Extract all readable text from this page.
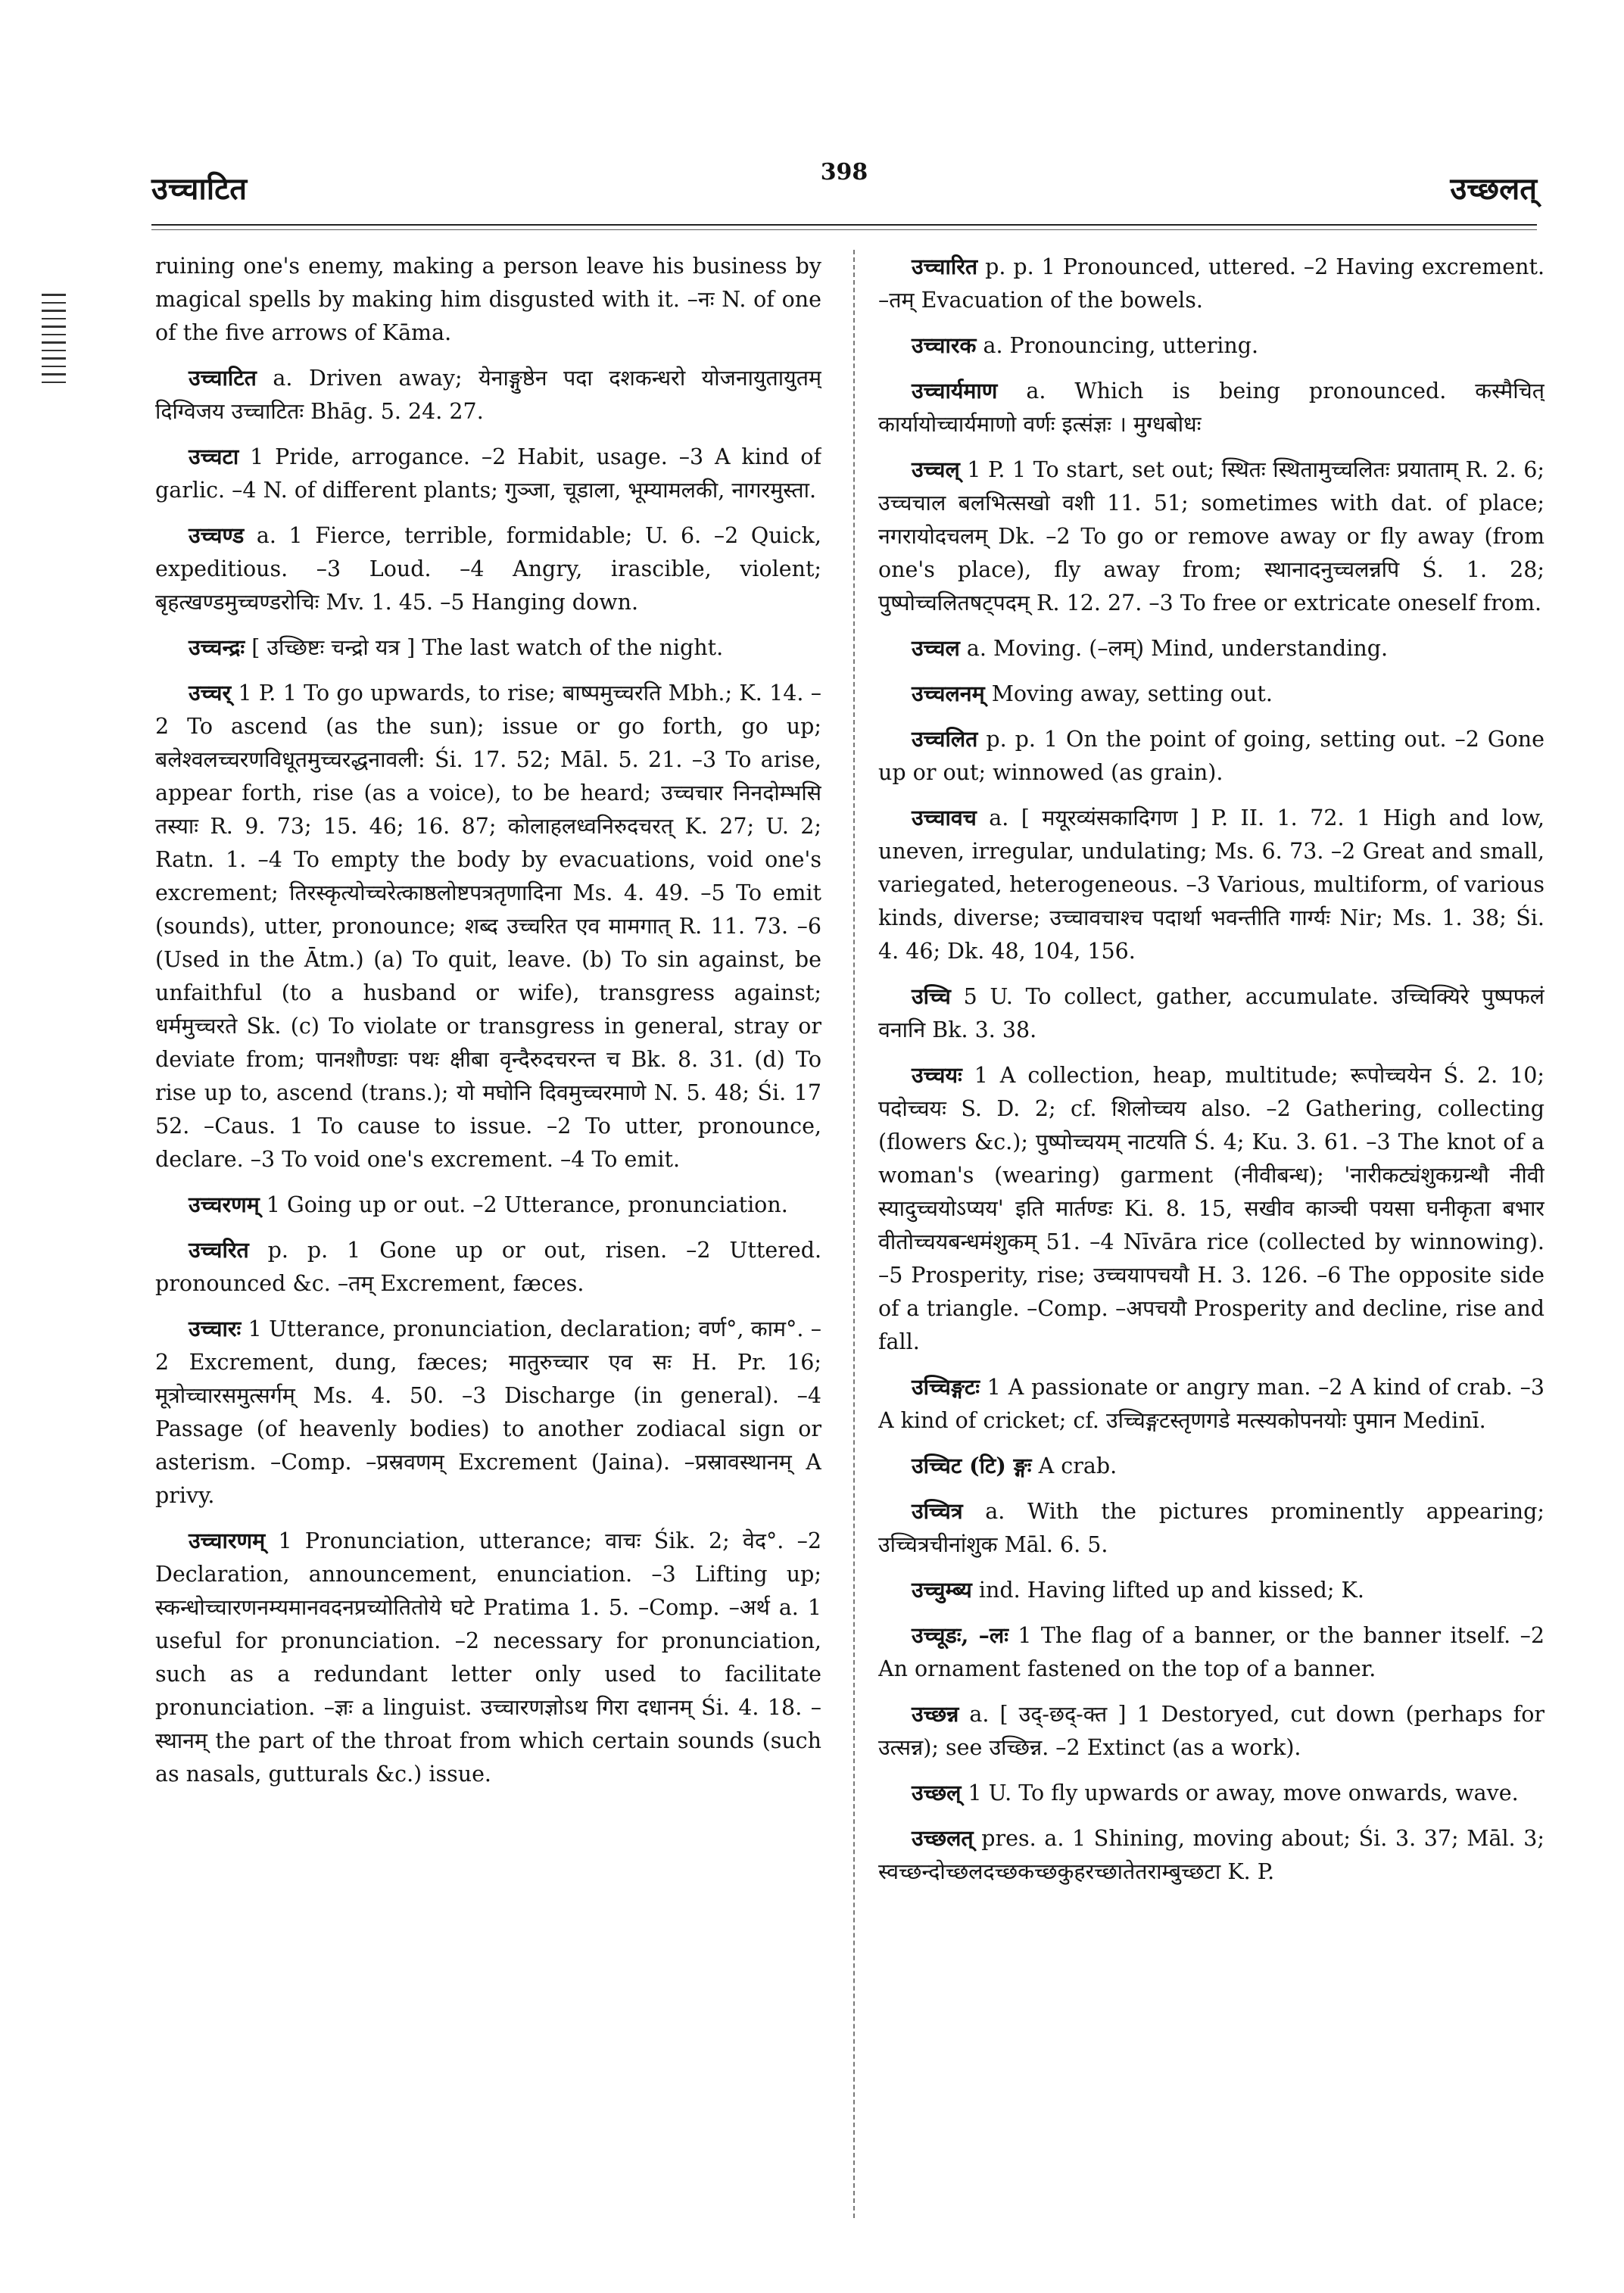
उच्चाटित	398	उच्छलत्

ruining one's enemy, making a person leave his business by magical spells by making him disgusted with it. –नः N. of one of the five arrows of Kāma.

उच्चाटित a. Driven away; येनाङ्गुष्ठेन पदा दशकन्धरो योजनायुतायुतम् दिग्विजय उच्चाटितः Bhāg. 5. 24. 27.

उच्चटा 1 Pride, arrogance. –2 Habit, usage. –3 A kind of garlic. –4 N. of different plants; गुञ्जा, चूडाला, भूम्यामलकी, नागरमुस्ता.

उच्चण्ड a. 1 Fierce, terrible, formidable; U. 6. –2 Quick, expeditious. –3 Loud. –4 Angry, irascible, violent; बृहत्खण्डमुच्चण्डरोचिः Mv. 1. 45. –5 Hanging down.

उच्चन्द्रः [ उच्छिष्टः चन्द्रो यत्र ] The last watch of the night.

उच्चर् 1 P. 1 To go upwards, to rise; बाष्पमुच्चरति Mbh.; K. 14. –2 To ascend (as the sun); issue or go forth, go up; बलेश्वलच्चरणविधूतमुच्चरद्धनावली: Śi. 17. 52; Māl. 5. 21. –3 To arise, appear forth, rise (as a voice), to be heard; उच्चचार निनदोम्भसि तस्याः R. 9. 73; 15. 46; 16. 87; कोलाहलध्वनिरुदचरत् K. 27; U. 2; Ratn. 1. –4 To empty the body by evacuations, void one's excrement; तिरस्कृत्योच्चरेत्काष्ठलोष्टपत्रतृणादिना Ms. 4. 49. –5 To emit (sounds), utter, pronounce; शब्द उच्चरित एव मामगात् R. 11. 73. –6 (Used in the Ātm.) (a) To quit, leave. (b) To sin against, be unfaithful (to a husband or wife), transgress against; धर्ममुच्चरते Sk. (c) To violate or transgress in general, stray or deviate from; पानशौण्डाः पथः क्षीबा वृन्दैरुदचरन्त च Bk. 8. 31. (d) To rise up to, ascend (trans.); यो मघोनि दिवमुच्चरमाणे N. 5. 48; Śi. 17 52. –Caus. 1 To cause to issue. –2 To utter, pronounce, declare. –3 To void one's excrement. –4 To emit.

उच्चरणम् 1 Going up or out. –2 Utterance, pronunciation.

उच्चरित p. p. 1 Gone up or out, risen. –2 Uttered. pronounced &c. –तम् Excrement, fæces.

उच्चारः 1 Utterance, pronunciation, declaration; वर्ण°, काम°. –2 Excrement, dung, fæces; मातुरुच्चार एव सः H. Pr. 16; मूत्रोच्चारसमुत्सर्गम् Ms. 4. 50. –3 Discharge (in general). –4 Passage (of heavenly bodies) to another zodiacal sign or asterism. –Comp. –प्रस्रवणम् Excrement (Jaina). –प्रस्रावस्थानम् A privy.

उच्चारणम् 1 Pronunciation, utterance; वाचः Śik. 2; वेद°. –2 Declaration, announcement, enunciation. –3 Lifting up; स्कन्धोच्चारणनम्यमानवदनप्रच्योतितोये घटे Pratima 1. 5. –Comp. –अर्थ a. 1 useful for pronunciation. –2 necessary for pronunciation, such as a redundant letter only used to facilitate pronunciation. –ज्ञः a linguist. उच्चारणज्ञोऽथ गिरा दधानम् Śi. 4. 18. –स्थानम् the part of the throat from which certain sounds (such as nasals, gutturals &c.) issue.

उच्चारित p. p. 1 Pronounced, uttered. –2 Having excrement. –तम् Evacuation of the bowels.

उच्चारक a. Pronouncing, uttering.

उच्चार्यमाण a. Which is being pronounced. कस्मैचित् कार्यायोच्चार्यमाणो वर्णः इत्संज्ञः । मुग्धबोधः

उच्चल् 1 P. 1 To start, set out; स्थितः स्थितामुच्चलितः प्रयाताम् R. 2. 6; उच्चचाल बलभित्सखो वशी 11. 51; sometimes with dat. of place; नगरायोदचलम् Dk. –2 To go or remove away or fly away (from one's place), fly away from; स्थानादनुच्चलन्नपि Ś. 1. 28; पुष्पोच्चलितषट्पदम् R. 12. 27. –3 To free or extricate oneself from.

उच्चल a. Moving. (–लम्) Mind, understanding.

उच्चलनम् Moving away, setting out.

उच्चलित p. p. 1 On the point of going, setting out. –2 Gone up or out; winnowed (as grain).

उच्चावच a. [ मयूरव्यंसकादिगण ] P. II. 1. 72. 1 High and low, uneven, irregular, undulating; Ms. 6. 73. –2 Great and small, variegated, heterogeneous. –3 Various, multiform, of various kinds, diverse; उच्चावचाश्च पदार्था भवन्तीति गार्ग्यः Nir; Ms. 1. 38; Śi. 4. 46; Dk. 48, 104, 156.

उच्चि 5 U. To collect, gather, accumulate. उच्चिक्यिरे पुष्पफलं वनानि Bk. 3. 38.

उच्चयः 1 A collection, heap, multitude; रूपोच्चयेन Ś. 2. 10; पदोच्चयः S. D. 2; cf. शिलोच्चय also. –2 Gathering, collecting (flowers &c.); पुष्पोच्चयम् नाटयति Ś. 4; Ku. 3. 61. –3 The knot of a woman's (wearing) garment (नीवीबन्ध); 'नारीकट्यंशुकग्रन्थौ नीवी स्यादुच्चयोऽप्यय' इति मार्तण्डः Ki. 8. 15, सखीव काञ्ची पयसा घनीकृता बभार वीतोच्चयबन्धमंशुकम् 51. –4 Nīvāra rice (collected by winnowing). –5 Prosperity, rise; उच्चयापचयौ H. 3. 126. –6 The opposite side of a triangle. –Comp. –अपचयौ Prosperity and decline, rise and fall.

उच्चिङ्गटः 1 A passionate or angry man. –2 A kind of crab. –3 A kind of cricket; cf. उच्चिङ्गटस्तृणगडे मत्स्यकोपनयोः पुमान Medinī.

उच्चिट (टि) ङ्गः A crab.

उच्चित्र a. With the pictures prominently appearing; उच्चित्रचीनांशुक Māl. 6. 5.

उच्चुम्ब्य ind. Having lifted up and kissed; K.

उच्चूडः, –लः 1 The flag of a banner, or the banner itself. –2 An ornament fastened on the top of a banner.

उच्छन्न a. [ उद्-छद्-क्त ] 1 Destoryed, cut down (perhaps for उत्सन्न); see उच्छिन्न. –2 Extinct (as a work).

उच्छल् 1 U. To fly upwards or away, move onwards, wave.

उच्छलत् pres. a. 1 Shining, moving about; Śi. 3. 37; Māl. 3; स्वच्छन्दोच्छलदच्छकच्छकुहरच्छातेतराम्बुच्छटा K. P.
